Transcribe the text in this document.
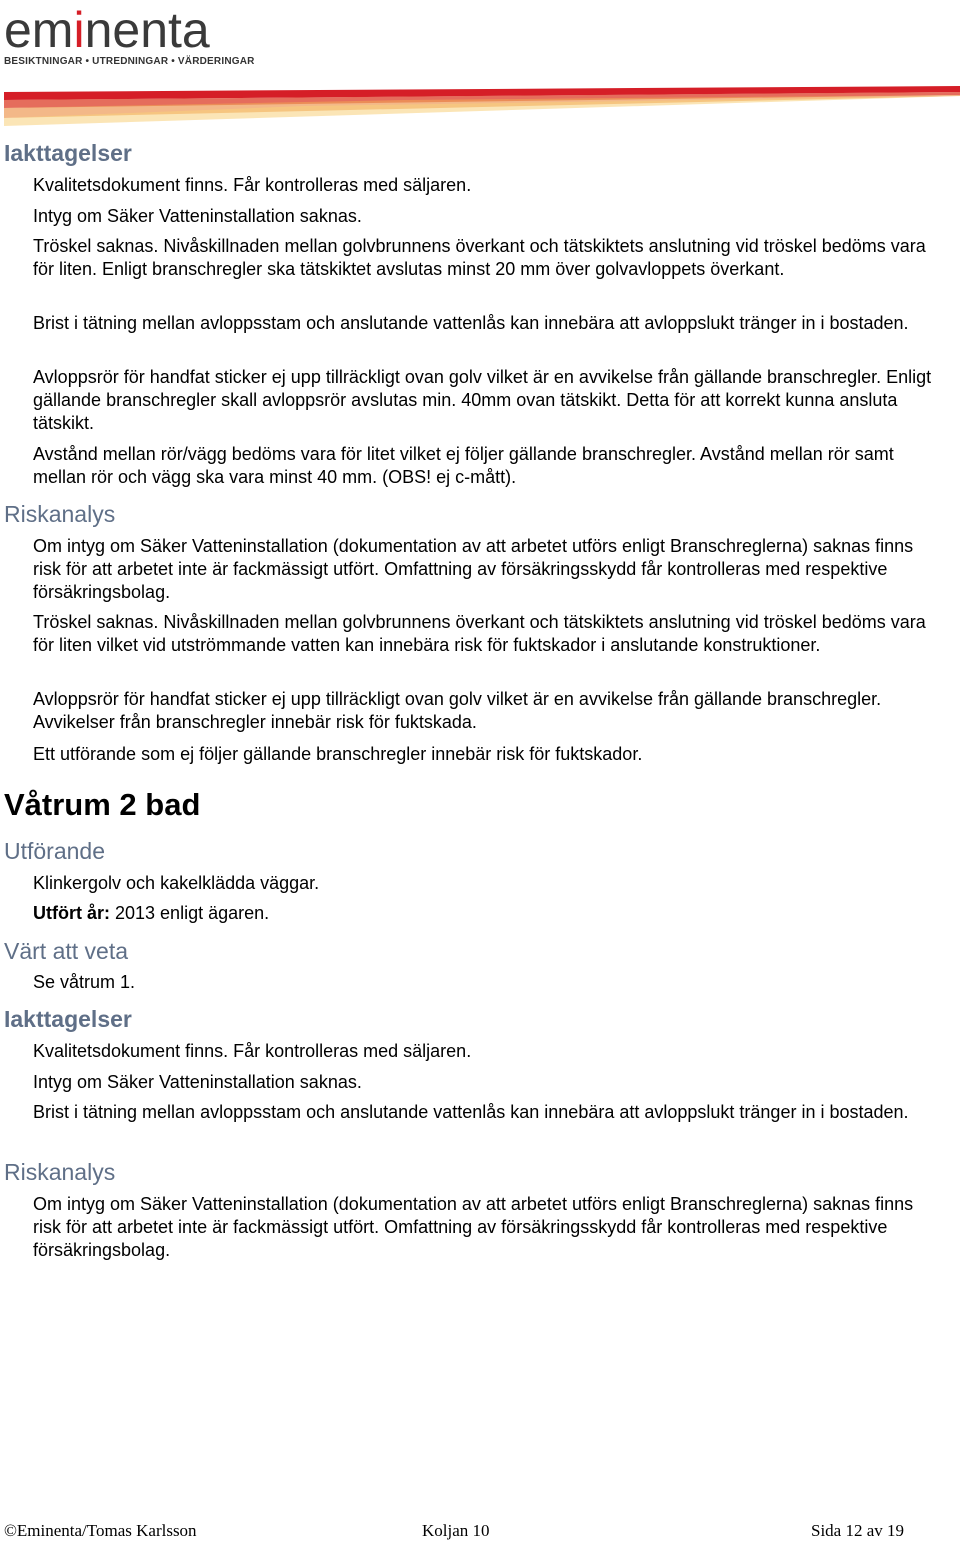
eminenta
BESIKTNINGAR • UTREDNINGAR • VÄRDERINGAR
Iakttagelser

Kvalitetsdokument finns. Får kontrolleras med säljaren.

Intyg om Säker Vatteninstallation saknas.

Tröskel saknas. Nivåskillnaden mellan golvbrunnens överkant och tätskiktets anslutning vid tröskel bedöms vara för liten. Enligt branschregler ska tätskiktet avslutas minst 20 mm över golvavloppets överkant.

Brist i tätning mellan avloppsstam och anslutande vattenlås kan innebära att avloppslukt tränger in i bostaden.

Avloppsrör för handfat sticker ej upp tillräckligt ovan golv vilket är en avvikelse från gällande branschregler. Enligt gällande branschregler skall avloppsrör avslutas min. 40mm ovan tätskikt. Detta för att korrekt kunna ansluta tätskikt.

Avstånd mellan rör/vägg bedöms vara för litet vilket ej följer gällande branschregler. Avstånd mellan rör samt mellan rör och vägg ska vara minst 40 mm. (OBS! ej c-mått).

Riskanalys

Om intyg om Säker Vatteninstallation (dokumentation av att arbetet utförs enligt Branschreglerna) saknas finns risk för att arbetet inte är fackmässigt utfört. Omfattning av försäkringsskydd får kontrolleras med respektive försäkringsbolag.

Tröskel saknas. Nivåskillnaden mellan golvbrunnens överkant och tätskiktets anslutning vid tröskel bedöms vara för liten vilket vid utströmmande vatten kan innebära risk för fuktskador i anslutande konstruktioner.

Avloppsrör för handfat sticker ej upp tillräckligt ovan golv vilket är en avvikelse från gällande branschregler. Avvikelser från branschregler innebär risk för fuktskada.

Ett utförande som ej följer gällande branschregler innebär risk för fuktskador.

Våtrum 2 bad
Utförande

Klinkergolv och kakelklädda väggar.

Utfört år: 2013 enligt ägaren.

Värt att veta

Se våtrum 1.

Iakttagelser

Kvalitetsdokument finns. Får kontrolleras med säljaren.

Intyg om Säker Vatteninstallation saknas.

Brist i tätning mellan avloppsstam och anslutande vattenlås kan innebära att avloppslukt tränger in i bostaden.

Riskanalys

Om intyg om Säker Vatteninstallation (dokumentation av att arbetet utförs enligt Branschreglerna) saknas finns risk för att arbetet inte är fackmässigt utfört. Omfattning av försäkringsskydd får kontrolleras med respektive försäkringsbolag.

©Eminenta/Tomas Karlsson	Koljan 10	Sida 12 av 19
